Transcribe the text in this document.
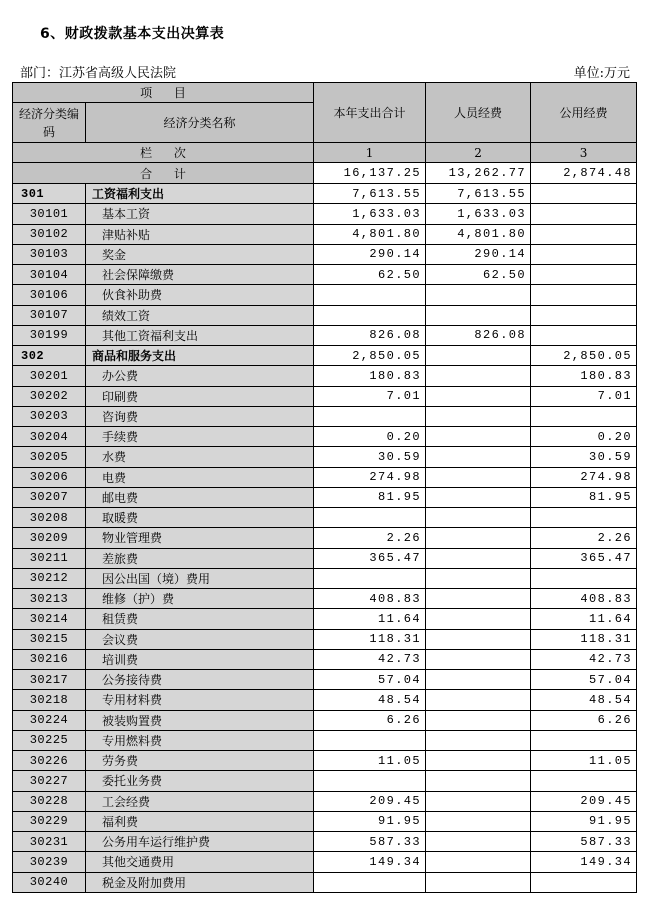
6、财政拨款基本支出决算表
部门：江苏省高级人民法院	单位:万元
项 目		本年支出合计	人员经费	公用经费
经济分类编码	经济分类名称			
栏 次		1	2	3
合 计		16,137.25	13,262.77	2,874.48
301	工资福利支出	7,613.55	7,613.55	
30101	基本工资	1,633.03	1,633.03	
30102	津贴补贴	4,801.80	4,801.80	
30103	奖金	290.14	290.14	
30104	社会保障缴费	62.50	62.50	
30106	伙食补助费			
30107	绩效工资			
30199	其他工资福利支出	826.08	826.08	
302	商品和服务支出	2,850.05		2,850.05
30201	办公费	180.83		180.83
30202	印刷费	7.01		7.01
30203	咨询费			
30204	手续费	0.20		0.20
30205	水费	30.59		30.59
30206	电费	274.98		274.98
30207	邮电费	81.95		81.95
30208	取暖费			
30209	物业管理费	2.26		2.26
30211	差旅费	365.47		365.47
30212	因公出国（境）费用			
30213	维修（护）费	408.83		408.83
30214	租赁费	11.64		11.64
30215	会议费	118.31		118.31
30216	培训费	42.73		42.73
30217	公务接待费	57.04		57.04
30218	专用材料费	48.54		48.54
30224	被装购置费	6.26		6.26
30225	专用燃料费			
30226	劳务费	11.05		11.05
30227	委托业务费			
30228	工会经费	209.45		209.45
30229	福利费	91.95		91.95
30231	公务用车运行维护费	587.33		587.33
30239	其他交通费用	149.34		149.34
30240	税金及附加费用			
